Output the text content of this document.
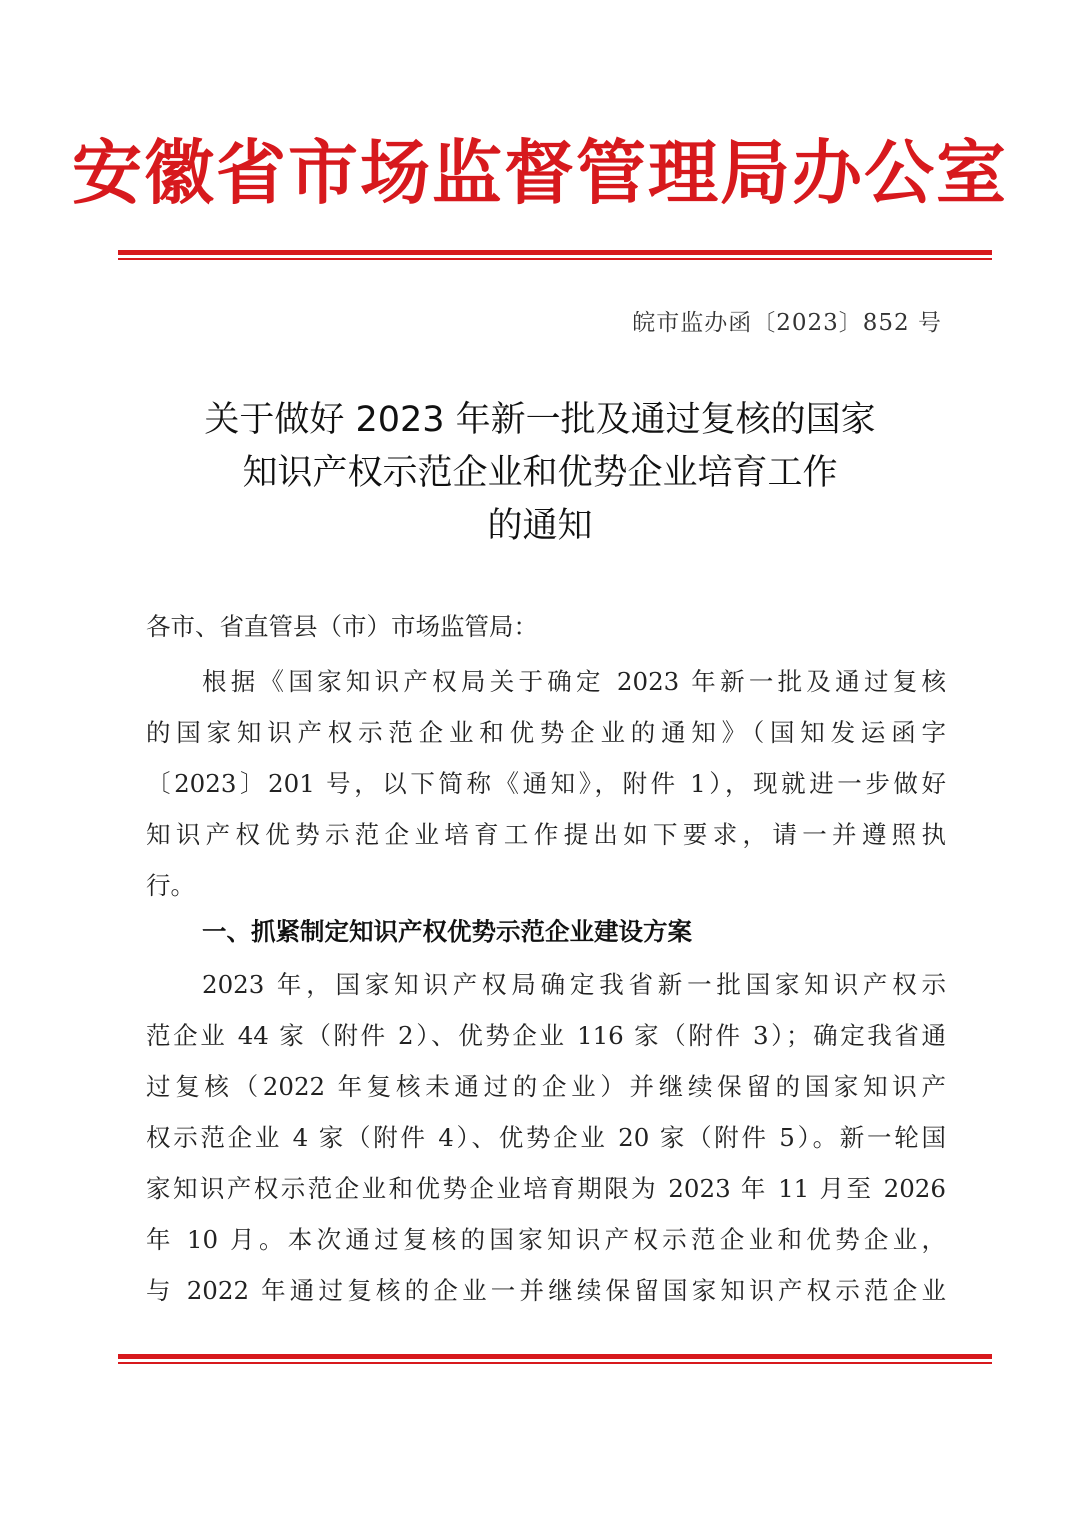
安徽省市场监督管理局办公室
皖市监办函〔2023〕852 号
关于做好 2023 年新一批及通过复核的国家
知识产权示范企业和优势企业培育工作
的通知
各市、省直管县（市）市场监管局：
根据《国家知识产权局关于确定 2023 年新一批及通过复核
的国家知识产权示范企业和优势企业的通知》（国知发运函字
〔2023〕201 号，以下简称《通知》，附件 1），现就进一步做好
知识产权优势示范企业培育工作提出如下要求，请一并遵照执
行。
一、抓紧制定知识产权优势示范企业建设方案
2023 年，国家知识产权局确定我省新一批国家知识产权示
范企业 44 家（附件 2）、优势企业 116 家（附件 3）；确定我省通
过复核（2022 年复核未通过的企业）并继续保留的国家知识产
权示范企业 4 家（附件 4）、优势企业 20 家（附件 5）。新一轮国
家知识产权示范企业和优势企业培育期限为 2023 年 11 月至 2026
年 10 月。本次通过复核的国家知识产权示范企业和优势企业，
与 2022 年通过复核的企业一并继续保留国家知识产权示范企业
